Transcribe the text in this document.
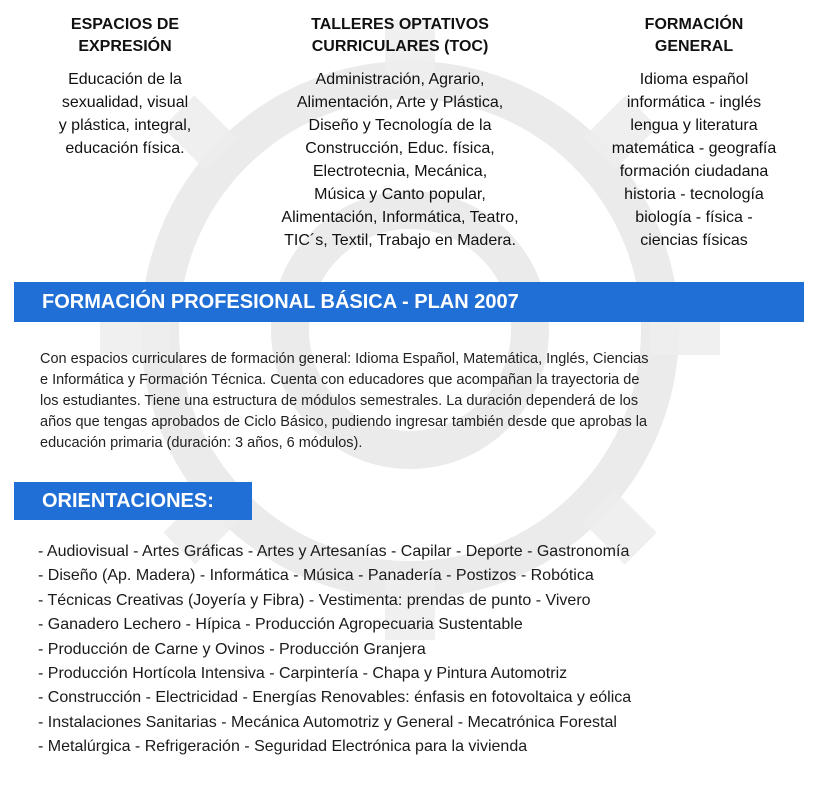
ESPACIOS DE
EXPRESIÓN
Educación de la
sexualidad, visual
y plástica, integral,
educación física.
TALLERES OPTATIVOS
CURRICULARES (TOC)
Administración, Agrario,
Alimentación, Arte y Plástica,
Diseño y Tecnología de la
Construcción, Educ. física,
Electrotecnia, Mecánica,
Música y Canto popular,
Alimentación, Informática, Teatro,
TIC´s, Textil, Trabajo en Madera.
FORMACIÓN
GENERAL
Idioma español
informática - inglés
lengua y literatura
matemática - geografía
formación ciudadana
historia - tecnología
biología - física -
ciencias físicas
FORMACIÓN PROFESIONAL BÁSICA - PLAN 2007
Con espacios curriculares de formación general: Idioma Español, Matemática, Inglés, Ciencias
e Informática y Formación Técnica. Cuenta con educadores que acompañan la trayectoria de
los estudiantes. Tiene una estructura de módulos semestrales. La duración dependerá de los
años que tengas aprobados de Ciclo Básico, pudiendo ingresar también desde que aprobas la
educación primaria (duración: 3 años, 6 módulos).
ORIENTACIONES:
- Audiovisual - Artes Gráficas - Artes y Artesanías - Capilar - Deporte - Gastronomía
- Diseño (Ap. Madera) - Informática - Música - Panadería - Postizos - Robótica
- Técnicas Creativas (Joyería y Fibra) - Vestimenta: prendas de punto - Vivero
- Ganadero Lechero - Hípica - Producción Agropecuaria Sustentable
- Producción de Carne y Ovinos - Producción Granjera
- Producción Hortícola Intensiva - Carpintería - Chapa y Pintura Automotriz
- Construcción - Electricidad - Energías Renovables: énfasis en fotovoltaica y eólica
- Instalaciones Sanitarias - Mecánica Automotriz y General - Mecatrónica Forestal
- Metalúrgica - Refrigeración - Seguridad Electrónica para la vivienda
